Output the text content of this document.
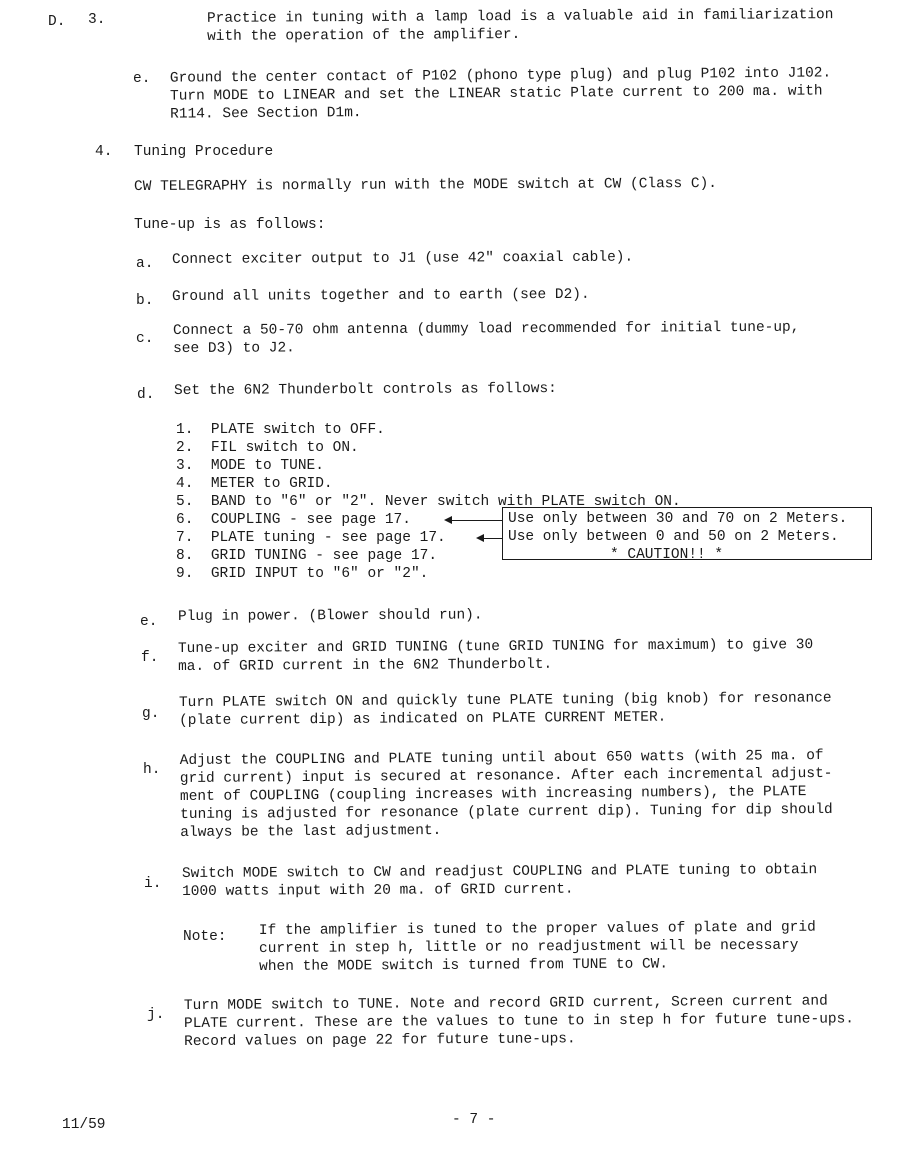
D. 3.	Practice in tuning with a lamp load is a valuable aid in familiarization
with the operation of the amplifier.
e. Ground the center contact of P102 (phono type plug) and plug P102 into J102.
Turn MODE to LINEAR and set the LINEAR static Plate current to 200 ma. with
R114. See Section D1m.
4. Tuning Procedure
CW TELEGRAPHY is normally run with the MODE switch at CW (Class C).
Tune-up is as follows:
a. Connect exciter output to J1 (use 42" coaxial cable).
b. Ground all units together and to earth (see D2).
c. Connect a 50-70 ohm antenna (dummy load recommended for initial tune-up,
see D3) to J2.
d. Set the 6N2 Thunderbolt controls as follows:
1. PLATE switch to OFF.
2. FIL switch to ON.
3. MODE to TUNE.
4. METER to GRID.
5. BAND to "6" or "2". Never switch with PLATE switch ON.
6. COUPLING - see page 17.
7. PLATE tuning - see page 17.
8. GRID TUNING - see page 17.
9. GRID INPUT to "6" or "2".
Use only between 30 and 70 on 2 Meters.
Use only between 0 and 50 on 2 Meters.
* CAUTION!! *
e. Plug in power. (Blower should run).
f.
Tune-up exciter and GRID TUNING (tune GRID TUNING for maximum) to give 30
ma. of GRID current in the 6N2 Thunderbolt.
g.
Turn PLATE switch ON and quickly tune PLATE tuning (big knob) for resonance
(plate current dip) as indicated on PLATE CURRENT METER.
h.
Adjust the COUPLING and PLATE tuning until about 650 watts (with 25 ma. of
grid current) input is secured at resonance. After each incremental adjust-
ment of COUPLING (coupling increases with increasing numbers), the PLATE
tuning is adjusted for resonance (plate current dip). Tuning for dip should
always be the last adjustment.
i.
Switch MODE switch to CW and readjust COUPLING and PLATE tuning to obtain
1000 watts input with 20 ma. of GRID current.
Note: If the amplifier is tuned to the proper values of plate and grid
current in step h, little or no readjustment will be necessary
when the MODE switch is turned from TUNE to CW.
j.
Turn MODE switch to TUNE. Note and record GRID current, Screen current and
PLATE current. These are the values to tune to in step h for future tune-ups.
Record values on page 22 for future tune-ups.
11/59	- 7 -
